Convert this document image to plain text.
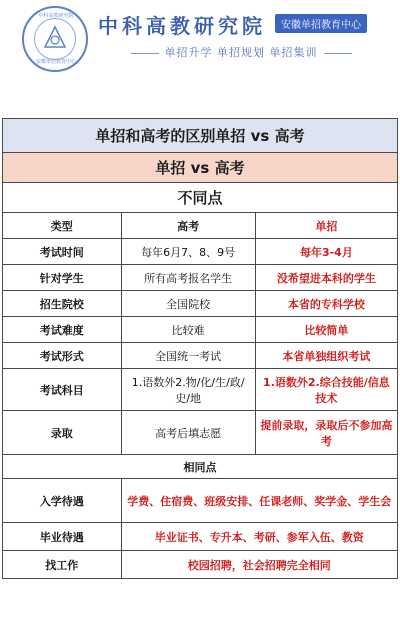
中科高教研究院
安徽单招教育中心
中科高教研究院	安徽单招教育中心
单招升学 单招规划 单招集训
单招和高考的区别单招 vs 高考		
单招 vs 高考		
不同点		
类型	高考	单招
考试时间	每年6月7、8、9号	每年3-4月
针对学生	所有高考报名学生	没希望进本科的学生
招生院校	全国院校	本省的专科学校
考试难度	比较难	比较简单
考试形式	全国统一考试	本省单独组织考试
考试科目	1.语数外2.物/化/生/政/史/地	1.语数外2.综合技能/信息技术
录取	高考后填志愿	提前录取，录取后不参加高考
相同点		
入学待遇	学费、住宿费、班级安排、任课老师、奖学金、学生会	
毕业待遇	毕业证书、专升本、考研、参军入伍、教资	
找工作	校园招聘，社会招聘完全相同	
